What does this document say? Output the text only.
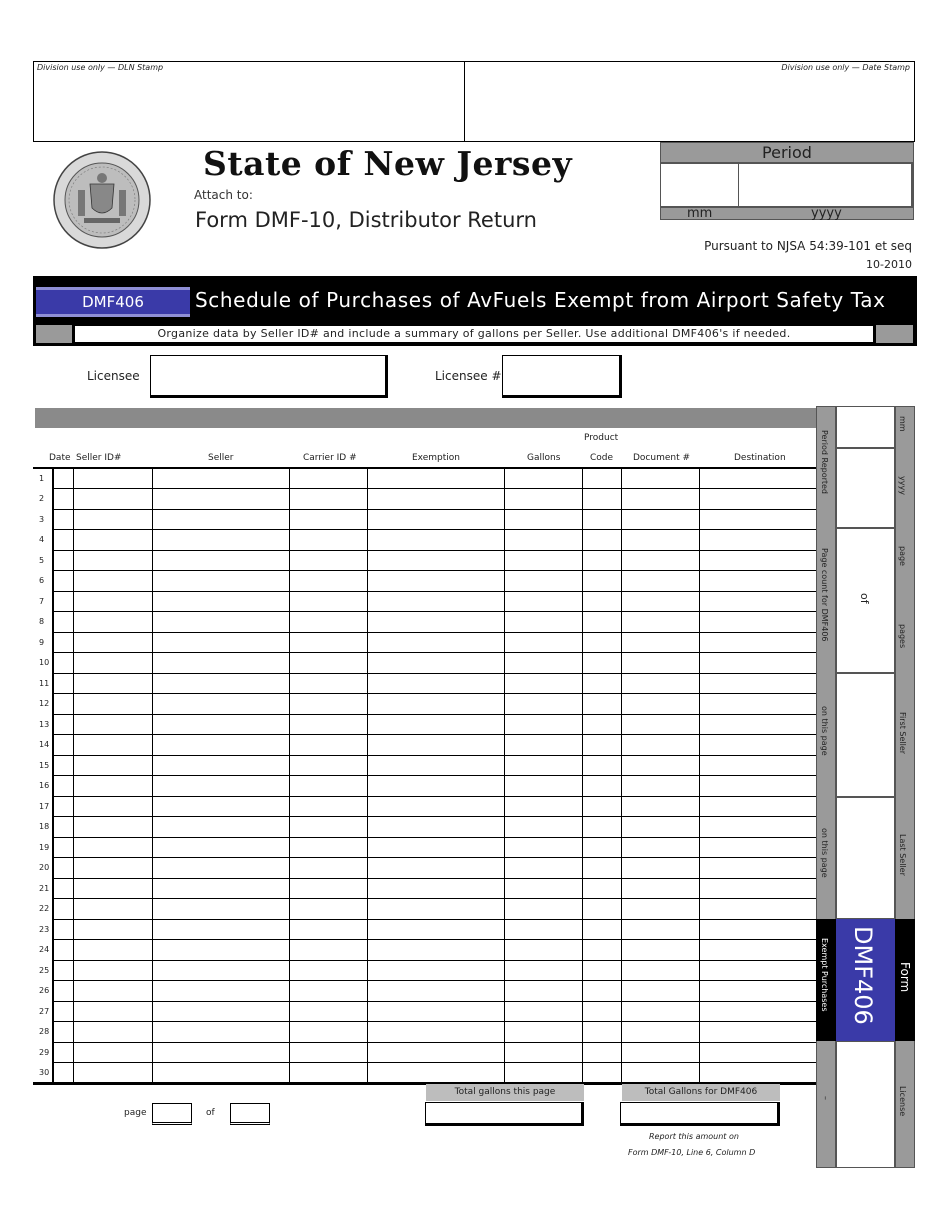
Division use only — DLN Stamp	Division use only — Date Stamp
State of New Jersey
Attach to:
Form DMF-10, Distributor Return
Period
mm	yyyy
Pursuant to NJSA 54:39-101 et seq
10-2010
DMF406	Schedule of Purchases of AvFuels Exempt from Airport Safety Tax
Organize data by Seller ID# and include a summary of gallons per Seller. Use additional DMF406's if needed.
Licensee	Licensee #
Product
Date Seller ID#	Seller	Carrier ID #	Exemption	Gallons	Code Document #	Destination
1									
2									
3									
4									
5									
6									
7									
8									
9									
10									
11									
12									
13									
14									
15									
16									
17									
18									
19									
20									
21									
22									
23									
24									
25									
26									
27									
28									
29									
30									
page	of
Total gallons this page	Total Gallons for DMF406
Report this amount on
Form DMF-10, Line 6, Column D
Period Reported
mm
yyyy
Page count for DMF406	of
page
pages
on this page	First Seller
on this page	Last Seller
Exempt Purchases DMF406 Form
–	License
